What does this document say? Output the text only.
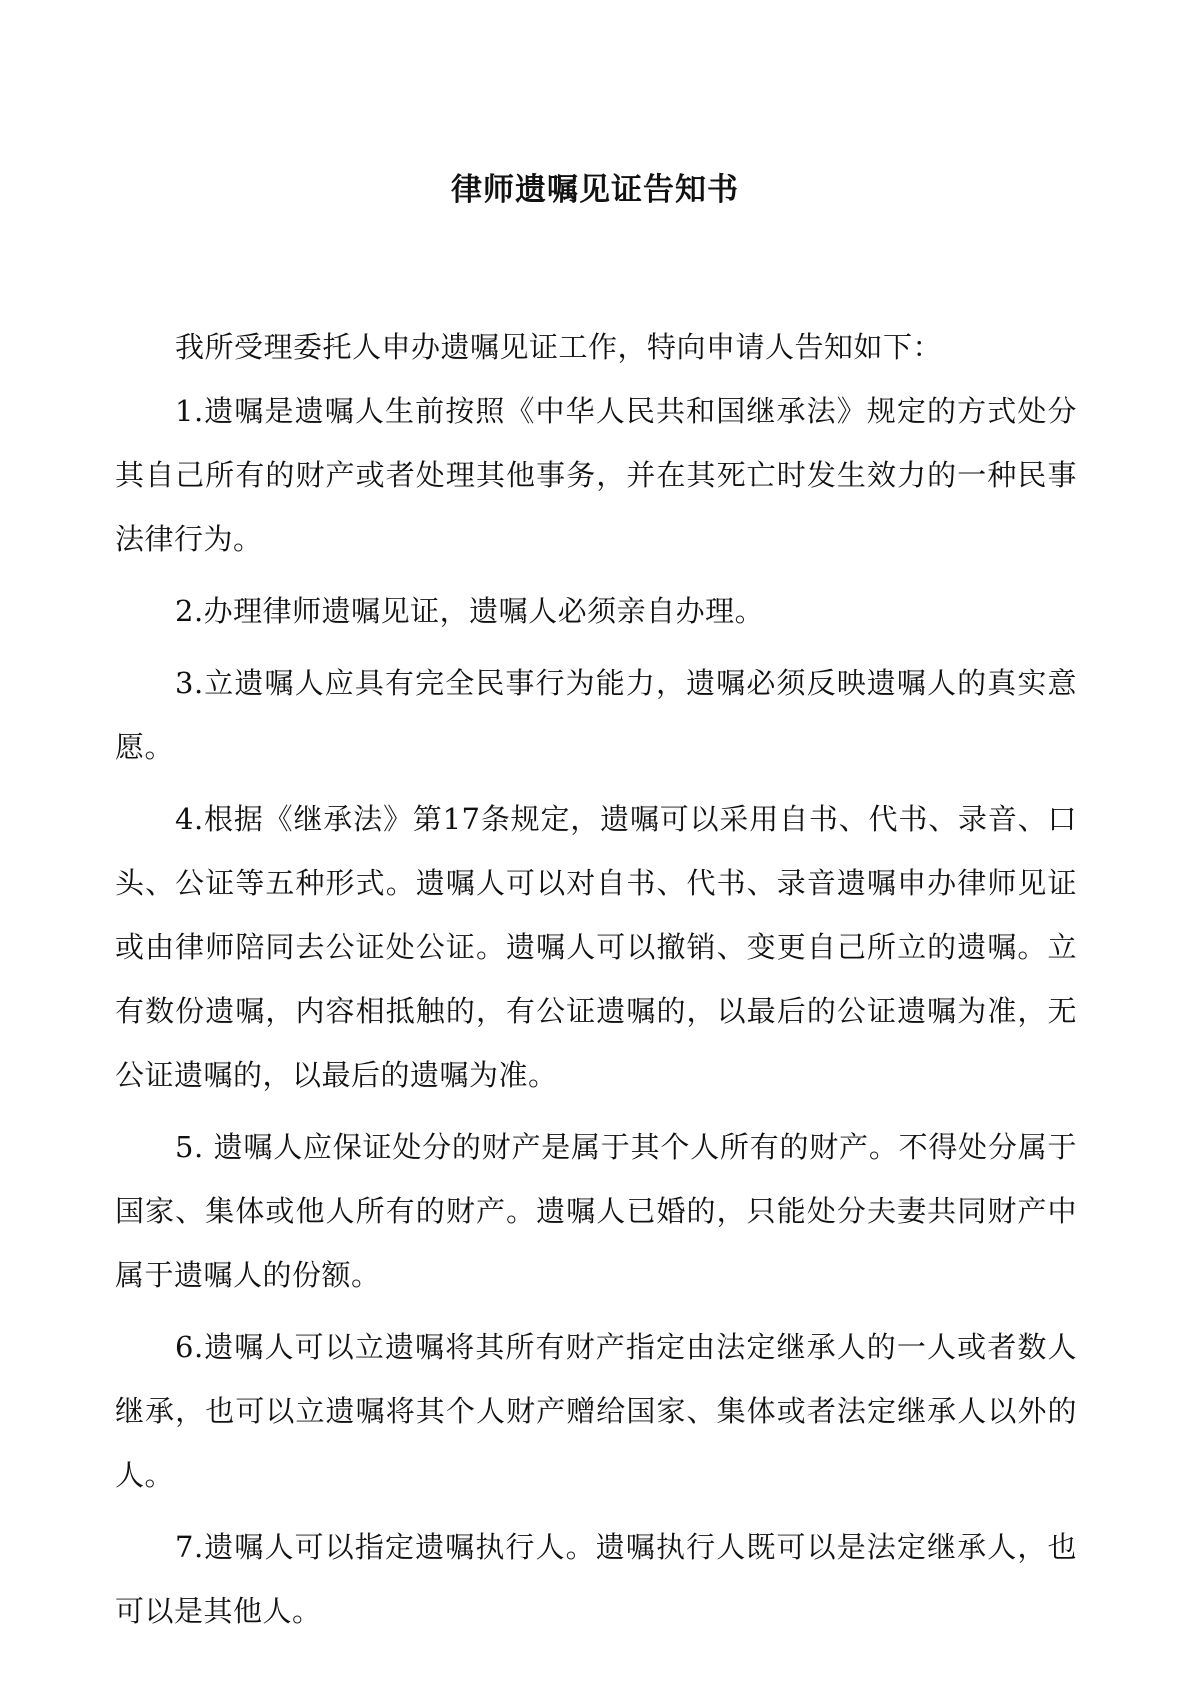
律师遗嘱见证告知书

我所受理委托人申办遗嘱见证工作，特向申请人告知如下：

1.遗嘱是遗嘱人生前按照《中华人民共和国继承法》规定的方式处分其自己所有的财产或者处理其他事务，并在其死亡时发生效力的一种民事法律行为。

2.办理律师遗嘱见证，遗嘱人必须亲自办理。

3.立遗嘱人应具有完全民事行为能力，遗嘱必须反映遗嘱人的真实意愿。

4.根据《继承法》第17条规定，遗嘱可以采用自书、代书、录音、口头、公证等五种形式。遗嘱人可以对自书、代书、录音遗嘱申办律师见证或由律师陪同去公证处公证。遗嘱人可以撤销、变更自己所立的遗嘱。立有数份遗嘱，内容相抵触的，有公证遗嘱的，以最后的公证遗嘱为准，无公证遗嘱的，以最后的遗嘱为准。

5. 遗嘱人应保证处分的财产是属于其个人所有的财产。不得处分属于国家、集体或他人所有的财产。遗嘱人已婚的，只能处分夫妻共同财产中属于遗嘱人的份额。

6.遗嘱人可以立遗嘱将其所有财产指定由法定继承人的一人或者数人继承，也可以立遗嘱将其个人财产赠给国家、集体或者法定继承人以外的人。

7.遗嘱人可以指定遗嘱执行人。遗嘱执行人既可以是法定继承人，也可以是其他人。
